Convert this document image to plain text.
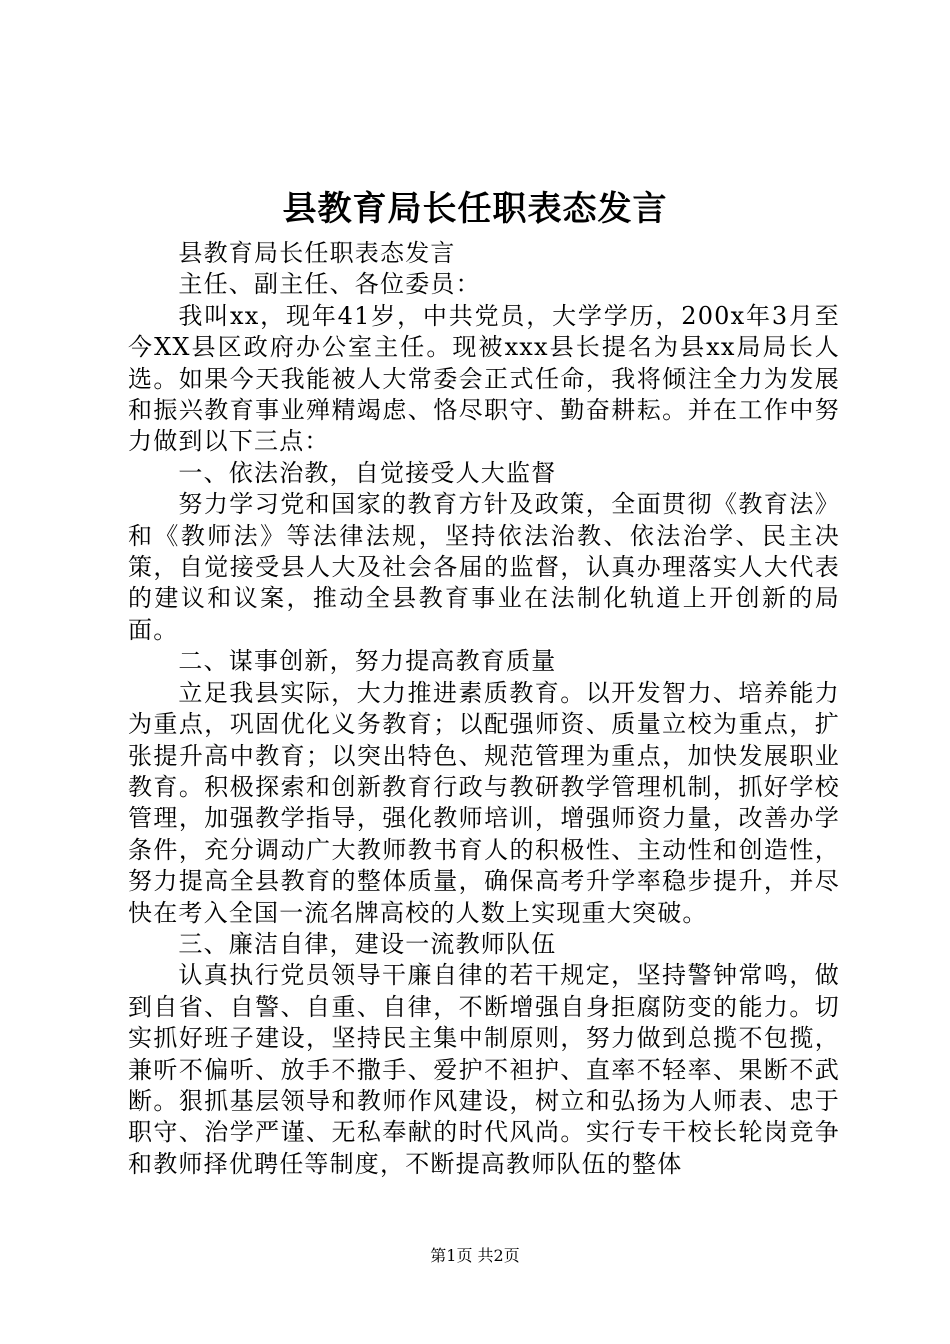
县教育局长任职表态发言

县教育局长任职表态发言

主任、副主任、各位委员：

我叫xx，现年41岁，中共党员，大学学历，200x年3月至今XX县区政府办公室主任。现被xxx县长提名为县xx局局长人选。如果今天我能被人大常委会正式任命，我将倾注全力为发展和振兴教育事业殚精竭虑、恪尽职守、勤奋耕耘。并在工作中努力做到以下三点：

一、依法治教，自觉接受人大监督

努力学习党和国家的教育方针及政策，全面贯彻《教育法》和《教师法》等法律法规，坚持依法治教、依法治学、民主决策，自觉接受县人大及社会各届的监督，认真办理落实人大代表的建议和议案，推动全县教育事业在法制化轨道上开创新的局面。

二、谋事创新，努力提高教育质量

立足我县实际，大力推进素质教育。以开发智力、培养能力为重点，巩固优化义务教育；以配强师资、质量立校为重点，扩张提升高中教育；以突出特色、规范管理为重点，加快发展职业教育。积极探索和创新教育行政与教研教学管理机制，抓好学校管理，加强教学指导，强化教师培训，增强师资力量，改善办学条件，充分调动广大教师教书育人的积极性、主动性和创造性，努力提高全县教育的整体质量，确保高考升学率稳步提升，并尽快在考入全国一流名牌高校的人数上实现重大突破。

三、廉洁自律，建设一流教师队伍

认真执行党员领导干廉自律的若干规定，坚持警钟常鸣，做到自省、自警、自重、自律，不断增强自身拒腐防变的能力。切实抓好班子建设，坚持民主集中制原则，努力做到总揽不包揽，兼听不偏听、放手不撒手、爱护不袒护、直率不轻率、果断不武断。狠抓基层领导和教师作风建设，树立和弘扬为人师表、忠于职守、治学严谨、无私奉献的时代风尚。实行专干校长轮岗竞争和教师择优聘任等制度，不断提高教师队伍的整体

第1页 共2页
